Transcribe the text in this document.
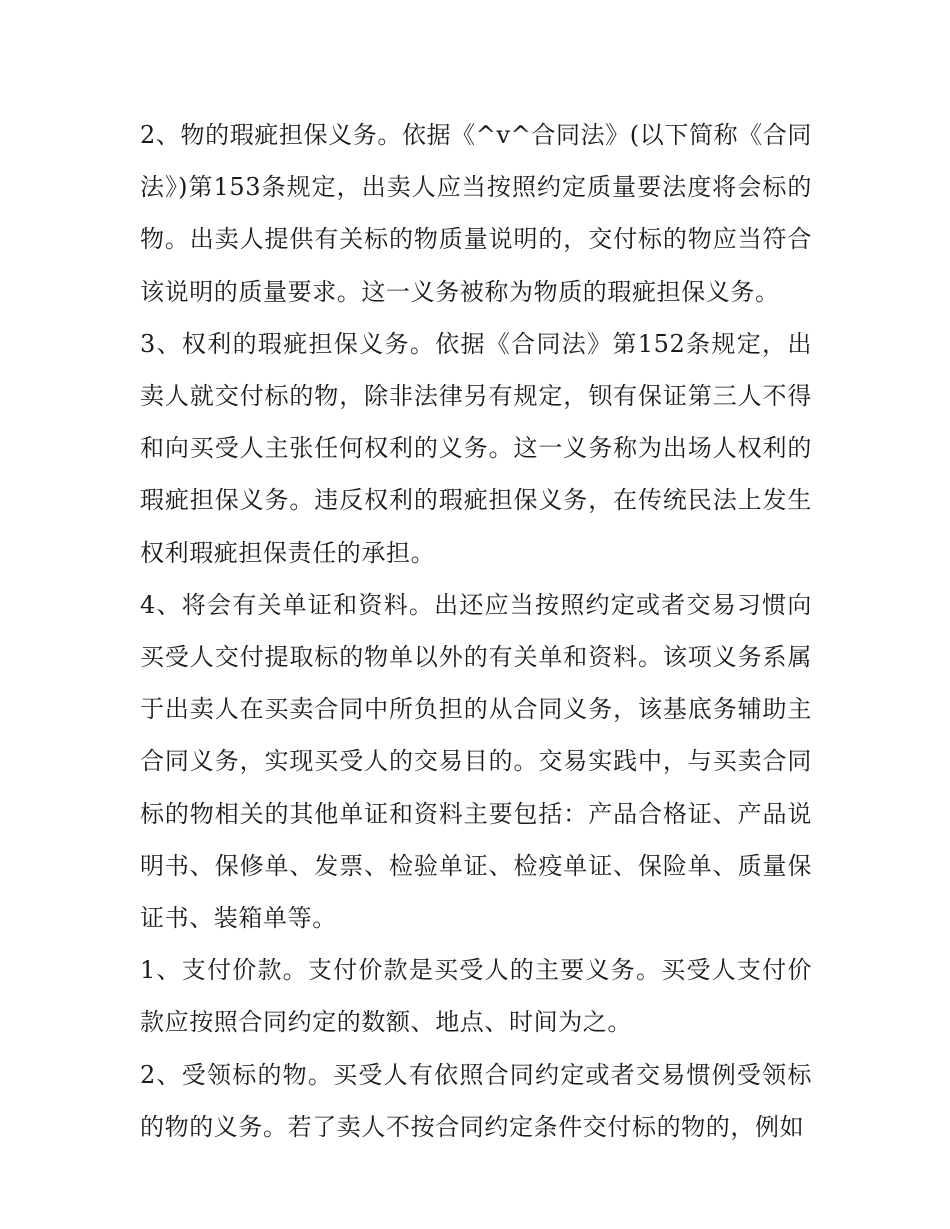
2、物的瑕疵担保义务。依据《^v^合同法》(以下简称《合同法》)第153条规定，出卖人应当按照约定质量要法度将会标的物。出卖人提供有关标的物质量说明的，交付标的物应当符合该说明的质量要求。这一义务被称为物质的瑕疵担保义务。

3、权利的瑕疵担保义务。依据《合同法》第152条规定，出卖人就交付标的物，除非法律另有规定，钡有保证第三人不得和向买受人主张任何权利的义务。这一义务称为出场人权利的瑕疵担保义务。违反权利的瑕疵担保义务，在传统民法上发生权利瑕疵担保责任的承担。

4、将会有关单证和资料。出还应当按照约定或者交易习惯向买受人交付提取标的物单以外的有关单和资料。该项义务系属于出卖人在买卖合同中所负担的从合同义务，该基底务辅助主合同义务，实现买受人的交易目的。交易实践中，与买卖合同标的物相关的其他单证和资料主要包括：产品合格证、产品说明书、保修单、发票、检验单证、检疫单证、保险单、质量保证书、装箱单等。

1、支付价款。支付价款是买受人的主要义务。买受人支付价款应按照合同约定的数额、地点、时间为之。

2、受领标的物。买受人有依照合同约定或者交易惯例受领标的物的义务。若了卖人不按合同约定条件交付标的物的，例如
